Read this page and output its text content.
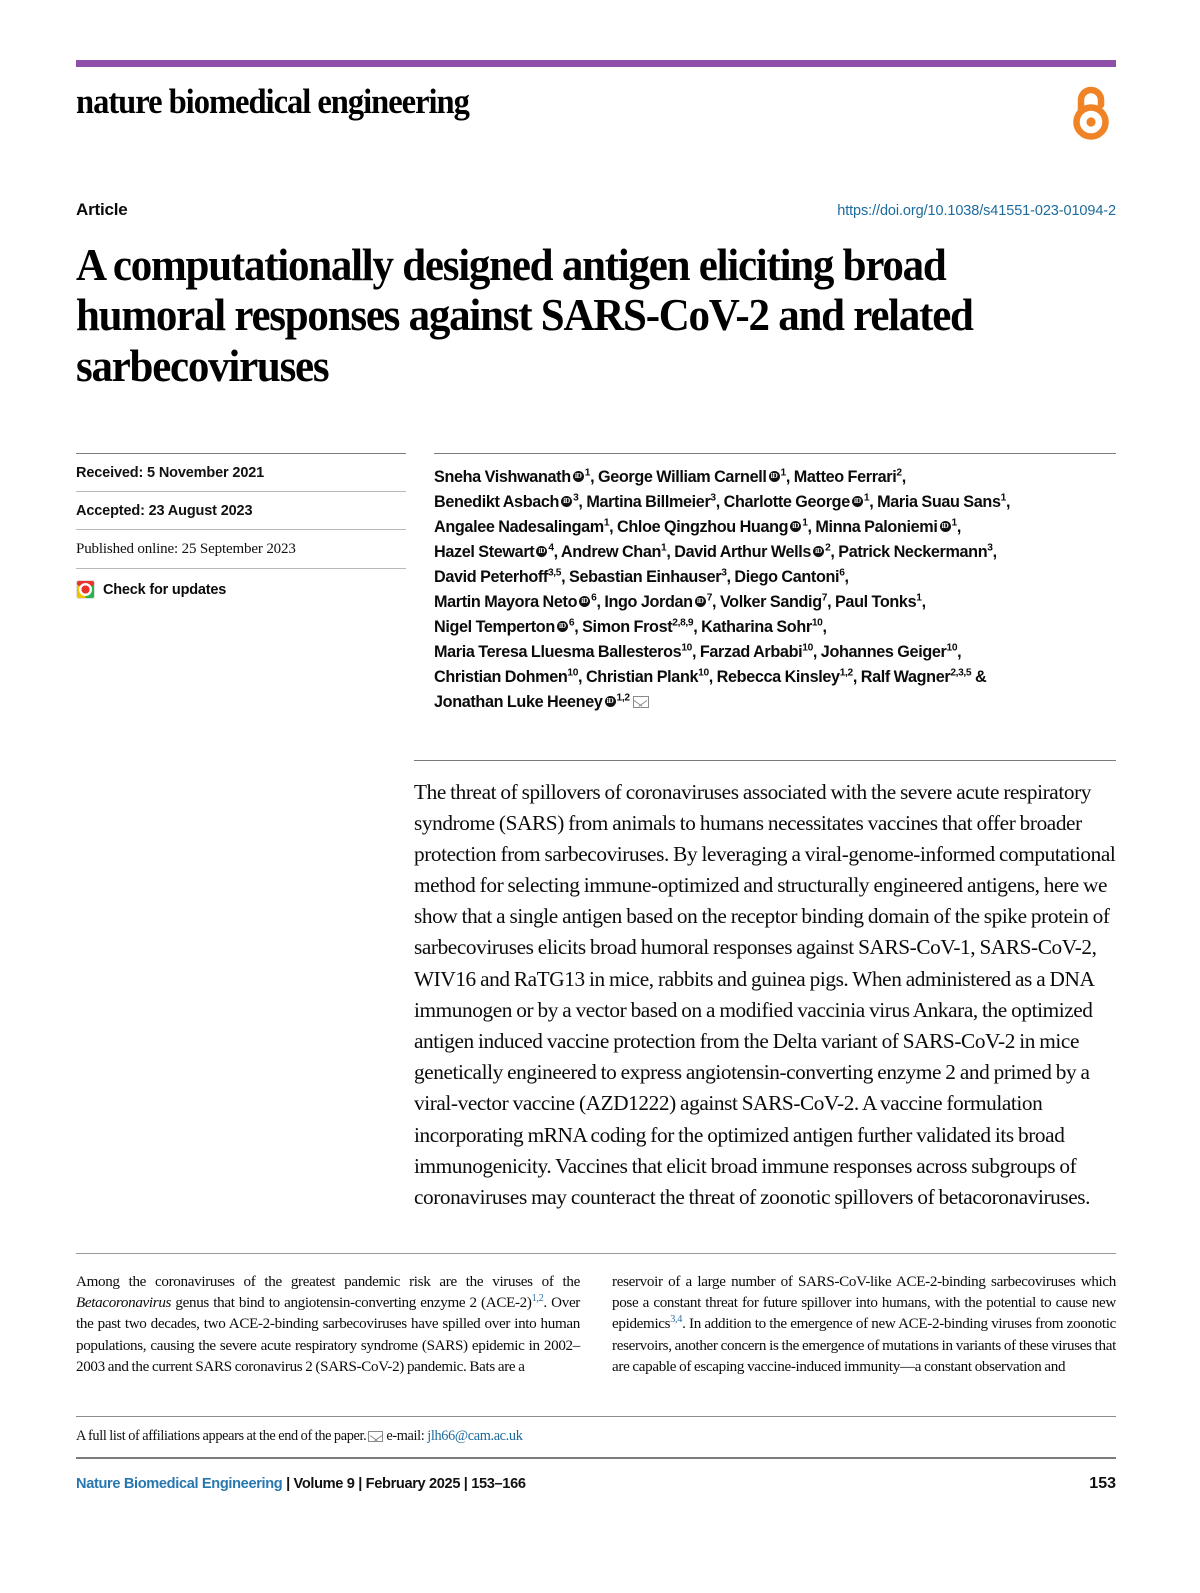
nature biomedical engineering
Article	https://doi.org/10.1038/s41551-023-01094-2
A computationally designed antigen eliciting broad humoral responses against SARS-CoV-2 and related sarbecoviruses
Received: 5 November 2021
Accepted: 23 August 2023
Published online: 25 September 2023
Check for updates
Sneha Vishwanath iD $^1$, George William Carnell iD $^1$, Matteo Ferrari$^2$,
Benedikt Asbach iD $^3$, Martina Billmeier$^3$, Charlotte George iD $^1$, Maria Suau Sans$^1$,
Angalee Nadesalingam$^1$, Chloe Qingzhou Huang iD $^1$, Minna Paloniemi iD $^1$,
Hazel Stewart iD $^4$, Andrew Chan$^1$, David Arthur Wells iD $^2$, Patrick Neckermann$^3$,
David Peterhoff$^{3,5}$, Sebastian Einhauser$^3$, Diego Cantoni$^6$,
Martin Mayora Neto iD $^6$, Ingo Jordan iD $^7$, Volker Sandig$^7$, Paul Tonks$^1$,
Nigel Temperton iD $^6$, Simon Frost$^{2,8,9}$, Katharina Sohr$^{10}$,
Maria Teresa Lluesma Ballesteros$^{10}$, Farzad Arbabi$^{10}$, Johannes Geiger$^{10}$,
Christian Dohmen$^{10}$, Christian Plank$^{10}$, Rebecca Kinsley$^{1,2}$, Ralf Wagner$^{2,3,5}$ &
Jonathan Luke Heeney iD $^{1,2}$
The threat of spillovers of coronaviruses associated with the severe acute respiratory syndrome (SARS) from animals to humans necessitates vaccines that offer broader protection from sarbecoviruses. By leveraging a viral-genome-informed computational method for selecting immune-optimized and structurally engineered antigens, here we show that a single antigen based on the receptor binding domain of the spike protein of sarbecoviruses elicits broad humoral responses against SARS-CoV-1, SARS-CoV-2, WIV16 and RaTG13 in mice, rabbits and guinea pigs. When administered as a DNA immunogen or by a vector based on a modified vaccinia virus Ankara, the optimized antigen induced vaccine protection from the Delta variant of SARS-CoV-2 in mice genetically engineered to express angiotensin-converting enzyme 2 and primed by a viral-vector vaccine (AZD1222) against SARS-CoV-2. A vaccine formulation incorporating mRNA coding for the optimized antigen further validated its broad immunogenicity. Vaccines that elicit broad immune responses across subgroups of coronaviruses may counteract the threat of zoonotic spillovers of betacoronaviruses.
Among the coronaviruses of the greatest pandemic risk are the viruses of the Betacoronavirus genus that bind to angiotensin-converting enzyme 2 $(ACE-2)^{1,2}$. Over the past two decades, two ACE-2-binding sarbecoviruses have spilled over into human populations, causing the severe acute respiratory syndrome (SARS) epidemic in 2002–2003 and the current SARS coronavirus 2 (SARS-CoV-2) pandemic. Bats are a
reservoir of a large number of SARS-CoV-like ACE-2-binding sarbecoviruses which pose a constant threat for future spillover into humans, with the potential to cause new epidemics$^{3,4}$. In addition to the emergence of new ACE-2-binding viruses from zoonotic reservoirs, another concern is the emergence of mutations in variants of these viruses that are capable of escaping vaccine-induced immunity—a constant observation and
A full list of affiliations appears at the end of the paper. e-mail: jlh66@cam.ac.uk
Nature Biomedical Engineering | Volume 9 | February 2025 | 153–166	153
